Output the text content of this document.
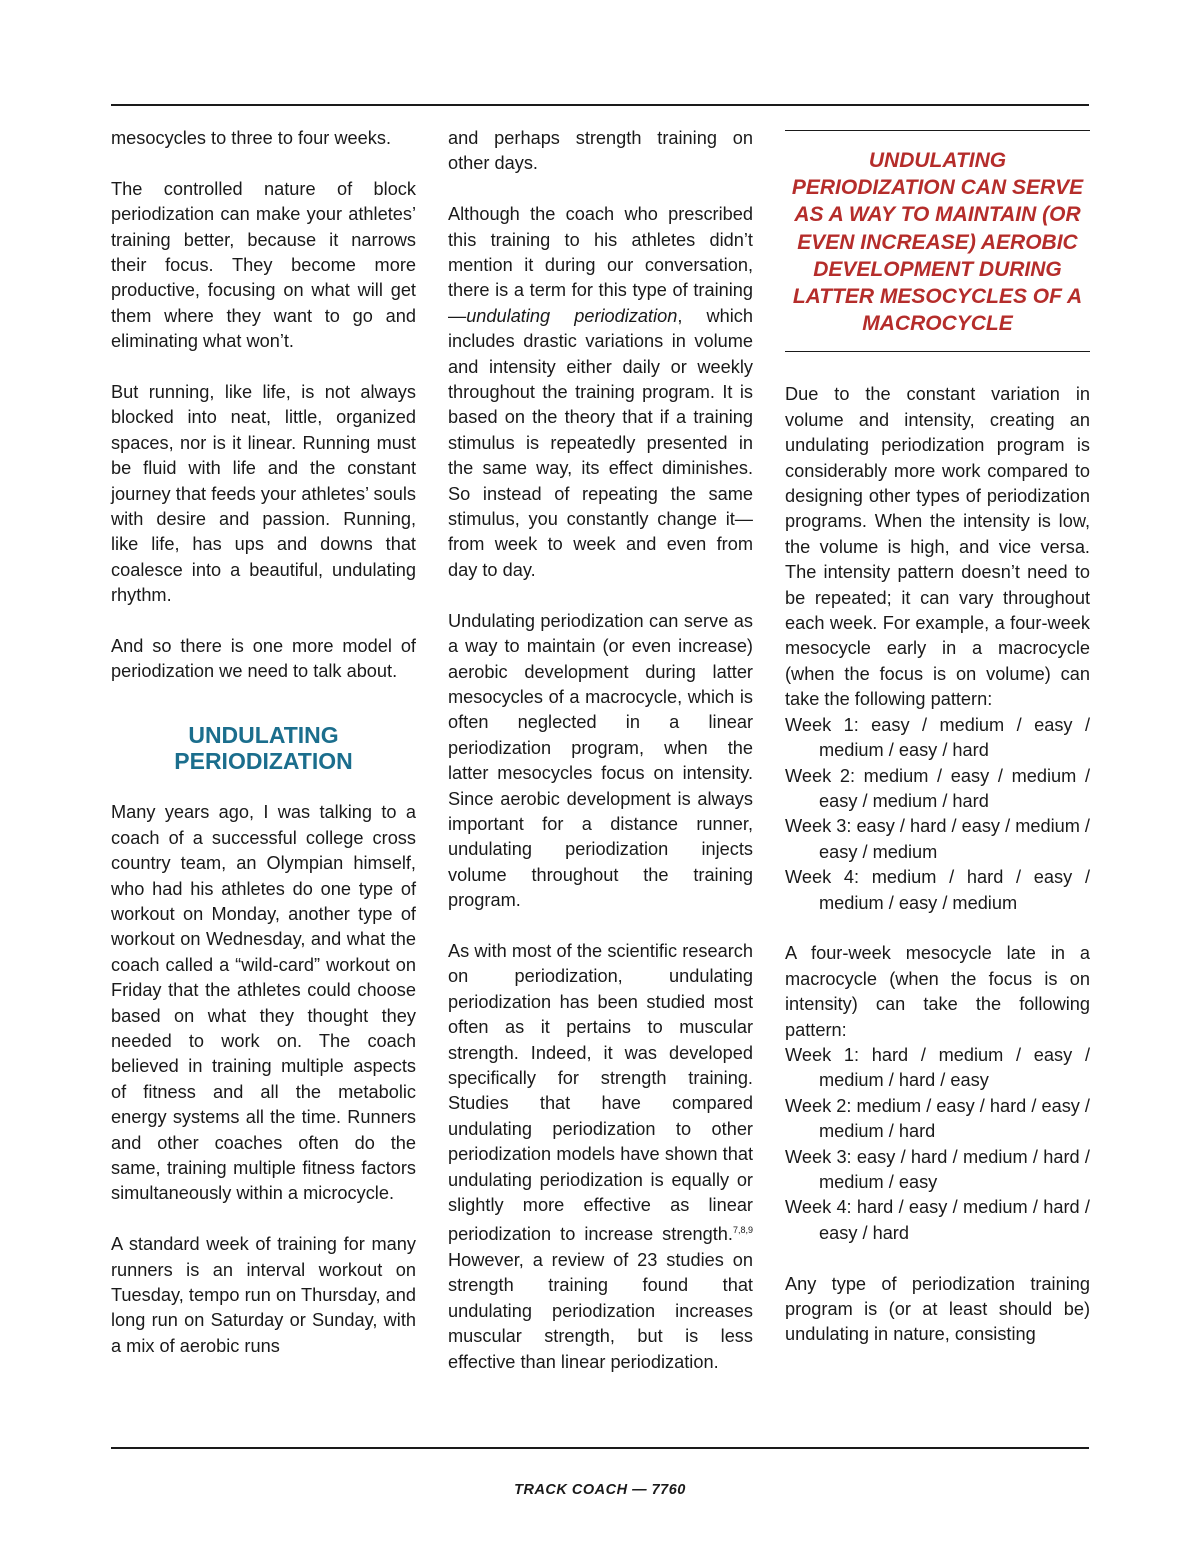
mesocycles to three to four weeks.

The controlled nature of block periodization can make your athletes’ training better, because it narrows their focus. They become more productive, focusing on what will get them where they want to go and eliminating what won’t.

But running, like life, is not always blocked into neat, little, organized spaces, nor is it linear. Running must be fluid with life and the constant journey that feeds your athletes’ souls with desire and passion. Running, like life, has ups and downs that coalesce into a beautiful, undulating rhythm.

And so there is one more model of periodization we need to talk about.

UNDULATING
PERIODIZATION

Many years ago, I was talking to a coach of a successful college cross country team, an Olympian himself, who had his athletes do one type of workout on Monday, another type of workout on Wednesday, and what the coach called a “wild-card” workout on Friday that the athletes could choose based on what they thought they needed to work on. The coach believed in training multiple aspects of fitness and all the metabolic energy systems all the time. Runners and other coaches often do the same, training multiple fitness factors simultaneously within a microcycle.

A standard week of training for many runners is an interval workout on Tuesday, tempo run on Thursday, and long run on Saturday or Sunday, with a mix of aerobic runs

and perhaps strength training on other days.

Although the coach who prescribed this training to his athletes didn’t mention it during our conversation, there is a term for this type of training—undulating periodization, which includes drastic variations in volume and intensity either daily or weekly throughout the training program. It is based on the theory that if a training stimulus is repeatedly presented in the same way, its effect diminishes. So instead of repeating the same stimulus, you constantly change it—from week to week and even from day to day.

Undulating periodization can serve as a way to maintain (or even increase) aerobic development during latter mesocycles of a macrocycle, which is often neglected in a linear periodization program, when the latter mesocycles focus on intensity. Since aerobic development is always important for a distance runner, undulating periodization injects volume throughout the training program.

As with most of the scientific research on periodization, undulating periodization has been studied most often as it pertains to muscular strength. Indeed, it was developed specifically for strength training. Studies that have compared undulating periodization to other periodization models have shown that undulating periodization is equally or slightly more effective as linear periodization to increase strength.$^{7,8,9}$ However, a review of 23 studies on strength training found that undulating periodization increases muscular strength, but is less effective than linear periodization.

UNDULATING PERIODIZATION CAN SERVE AS A WAY TO MAINTAIN (OR EVEN INCREASE) AEROBIC DEVELOPMENT DURING LATTER MESOCYCLES OF A MACROCYCLE

Due to the constant variation in volume and intensity, creating an undulating periodization program is considerably more work compared to designing other types of periodization programs. When the intensity is low, the volume is high, and vice versa. The intensity pattern doesn’t need to be repeated; it can vary throughout each week. For example, a four-week mesocycle early in a macrocycle (when the focus is on volume) can take the following pattern:

Week 1: easy / medium / easy / medium / easy / hard
Week 2: medium / easy / medium / easy / medium / hard
Week 3: easy / hard / easy / medium / easy / medium
Week 4: medium / hard / easy / medium / easy / medium

A four-week mesocycle late in a macrocycle (when the focus is on intensity) can take the following pattern:

Week 1: hard / medium / easy / medium / hard / easy
Week 2: medium / easy / hard / easy / medium / hard
Week 3: easy / hard / medium / hard / medium / easy
Week 4: hard / easy / medium / hard / easy / hard

Any type of periodization training program is (or at least should be) undulating in nature, consisting

TRACK COACH — 7760
